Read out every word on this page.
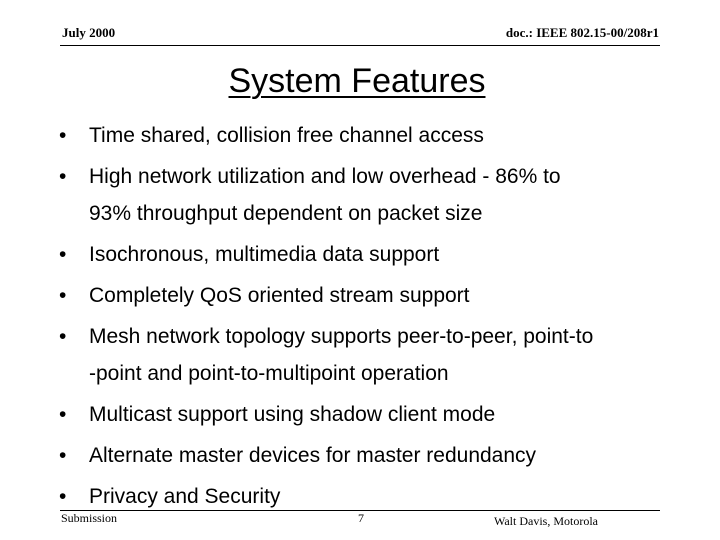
July 2000	doc.: IEEE 802.15-00/208r1
System Features
• Time shared, collision free channel access
• High network utilization and low overhead - 86% to
93% throughput dependent on packet size
• Isochronous, multimedia data support
• Completely QoS oriented stream support
• Mesh network topology supports peer-to-peer, point-to
-point and point-to-multipoint operation
• Multicast support using shadow client mode
• Alternate master devices for master redundancy
• Privacy and Security
Submission	7	Walt Davis, Motorola
